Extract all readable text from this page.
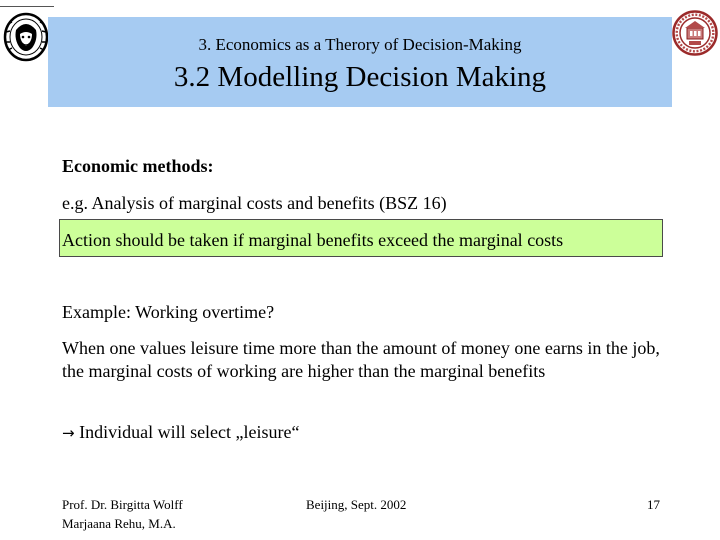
3. Economics as a Therory of Decision-Making
3.2 Modelling Decision Making
Economic methods:
e.g. Analysis of marginal costs and benefits (BSZ 16)
Action should be taken if marginal benefits exceed the marginal costs
Example: Working overtime?
When one values leisure time more than the amount of money one earns in the job, the marginal costs of working are higher than the marginal benefits
→ Individual will select „leisure“
Prof. Dr. Birgitta Wolff
Marjaana Rehu, M.A.
Beijing, Sept. 2002	17
